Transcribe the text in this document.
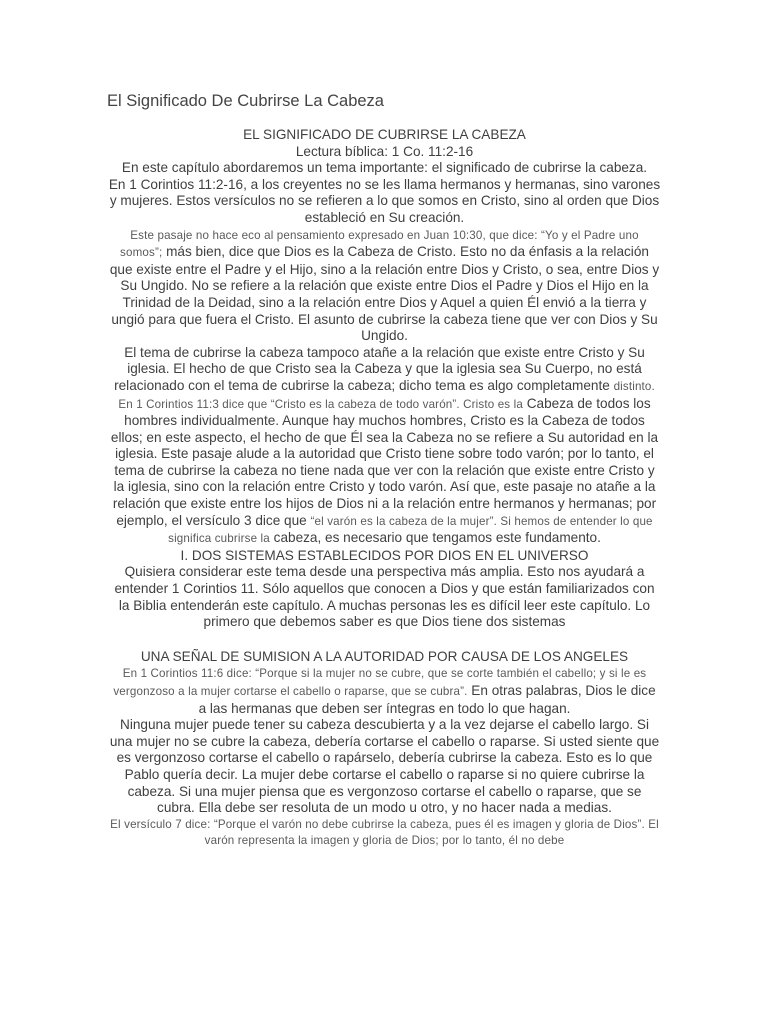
El Significado De Cubrirse La Cabeza

EL SIGNIFICADO DE CUBRIRSE LA CABEZA

Lectura bíblica: 1 Co. 11:2-16

En este capítulo abordaremos un tema importante: el significado de cubrirse la cabeza.

En 1 Corintios 11:2-16, a los creyentes no se les llama hermanos y hermanas, sino varones y mujeres. Estos versículos no se refieren a lo que somos en Cristo, sino al orden que Dios estableció en Su creación.

Este pasaje no hace eco al pensamiento expresado en Juan 10:30, que dice: “Yo y el Padre uno somos”; más bien, dice que Dios es la Cabeza de Cristo. Esto no da énfasis a la relación que existe entre el Padre y el Hijo, sino a la relación entre Dios y Cristo, o sea, entre Dios y Su Ungido. No se refiere a la relación que existe entre Dios el Padre y Dios el Hijo en la Trinidad de la Deidad, sino a la relación entre Dios y Aquel a quien Él envió a la tierra y ungió para que fuera el Cristo. El asunto de cubrirse la cabeza tiene que ver con Dios y Su Ungido.

El tema de cubrirse la cabeza tampoco atañe a la relación que existe entre Cristo y Su iglesia. El hecho de que Cristo sea la Cabeza y que la iglesia sea Su Cuerpo, no está relacionado con el tema de cubrirse la cabeza; dicho tema es algo completamente distinto. En 1 Corintios 11:3 dice que “Cristo es la cabeza de todo varón”. Cristo es la Cabeza de todos los hombres individualmente. Aunque hay muchos hombres, Cristo es la Cabeza de todos ellos; en este aspecto, el hecho de que Él sea la Cabeza no se refiere a Su autoridad en la iglesia. Este pasaje alude a la autoridad que Cristo tiene sobre todo varón; por lo tanto, el tema de cubrirse la cabeza no tiene nada que ver con la relación que existe entre Cristo y la iglesia, sino con la relación entre Cristo y todo varón. Así que, este pasaje no atañe a la relación que existe entre los hijos de Dios ni a la relación entre hermanos y hermanas; por ejemplo, el versículo 3 dice que “el varón es la cabeza de la mujer”. Si hemos de entender lo que significa cubrirse la cabeza, es necesario que tengamos este fundamento.

I. DOS SISTEMAS ESTABLECIDOS POR DIOS EN EL UNIVERSO

Quisiera considerar este tema desde una perspectiva más amplia. Esto nos ayudará a entender 1 Corintios 11. Sólo aquellos que conocen a Dios y que están familiarizados con la Biblia entenderán este capítulo. A muchas personas les es difícil leer este capítulo. Lo primero que debemos saber es que Dios tiene dos sistemas

UNA SEÑAL DE SUMISION A LA AUTORIDAD POR CAUSA DE LOS ANGELES

En 1 Corintios 11:6 dice: “Porque si la mujer no se cubre, que se corte también el cabello; y si le es vergonzoso a la mujer cortarse el cabello o raparse, que se cubra”. En otras palabras, Dios le dice a las hermanas que deben ser íntegras en todo lo que hagan.

Ninguna mujer puede tener su cabeza descubierta y a la vez dejarse el cabello largo. Si una mujer no se cubre la cabeza, debería cortarse el cabello o raparse. Si usted siente que es vergonzoso cortarse el cabello o rapárselo, debería cubrirse la cabeza. Esto es lo que Pablo quería decir. La mujer debe cortarse el cabello o raparse si no quiere cubrirse la cabeza. Si una mujer piensa que es vergonzoso cortarse el cabello o raparse, que se cubra. Ella debe ser resoluta de un modo u otro, y no hacer nada a medias.

El versículo 7 dice: “Porque el varón no debe cubrirse la cabeza, pues él es imagen y gloria de Dios”. El varón representa la imagen y gloria de Dios; por lo tanto, él no debe
